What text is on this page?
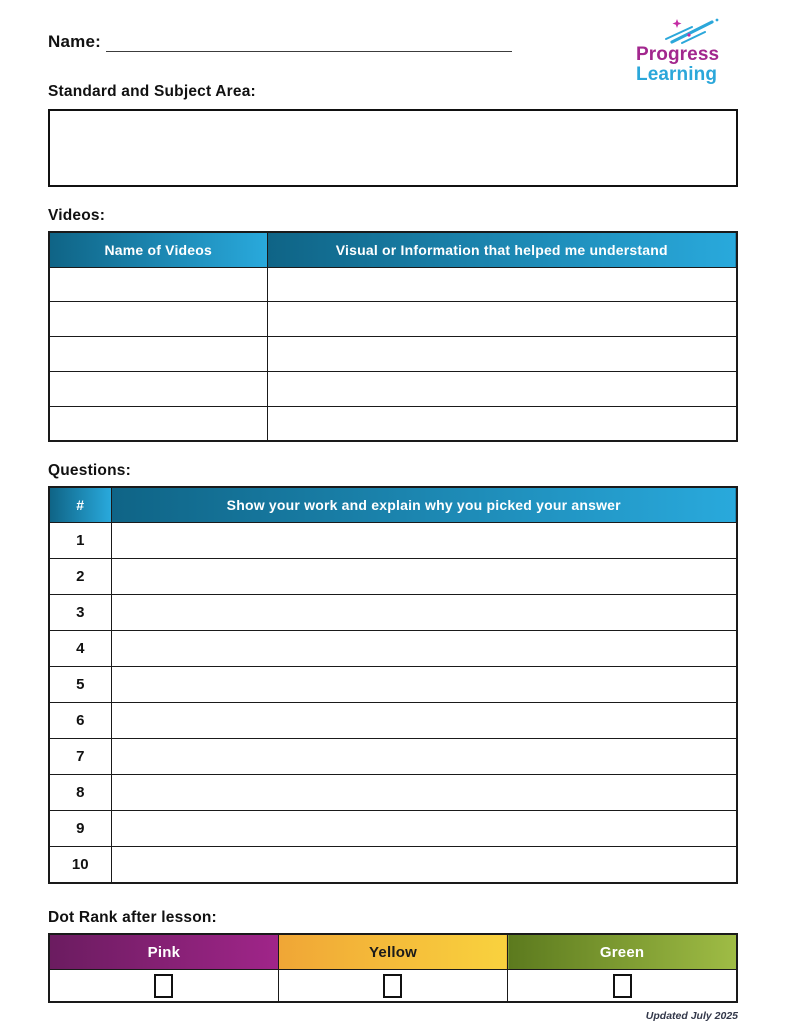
Progress
Learning
Name:
Standard and Subject Area:
Videos:
Name of Videos	Visual or Information that helped me understand

Questions:
#	Show your work and explain why you picked your answer
1	
2	
3	
4	
5	
6	
7	
8	
9	
10	
Dot Rank after lesson:
Pink	Yellow	Green

Updated July 2025
